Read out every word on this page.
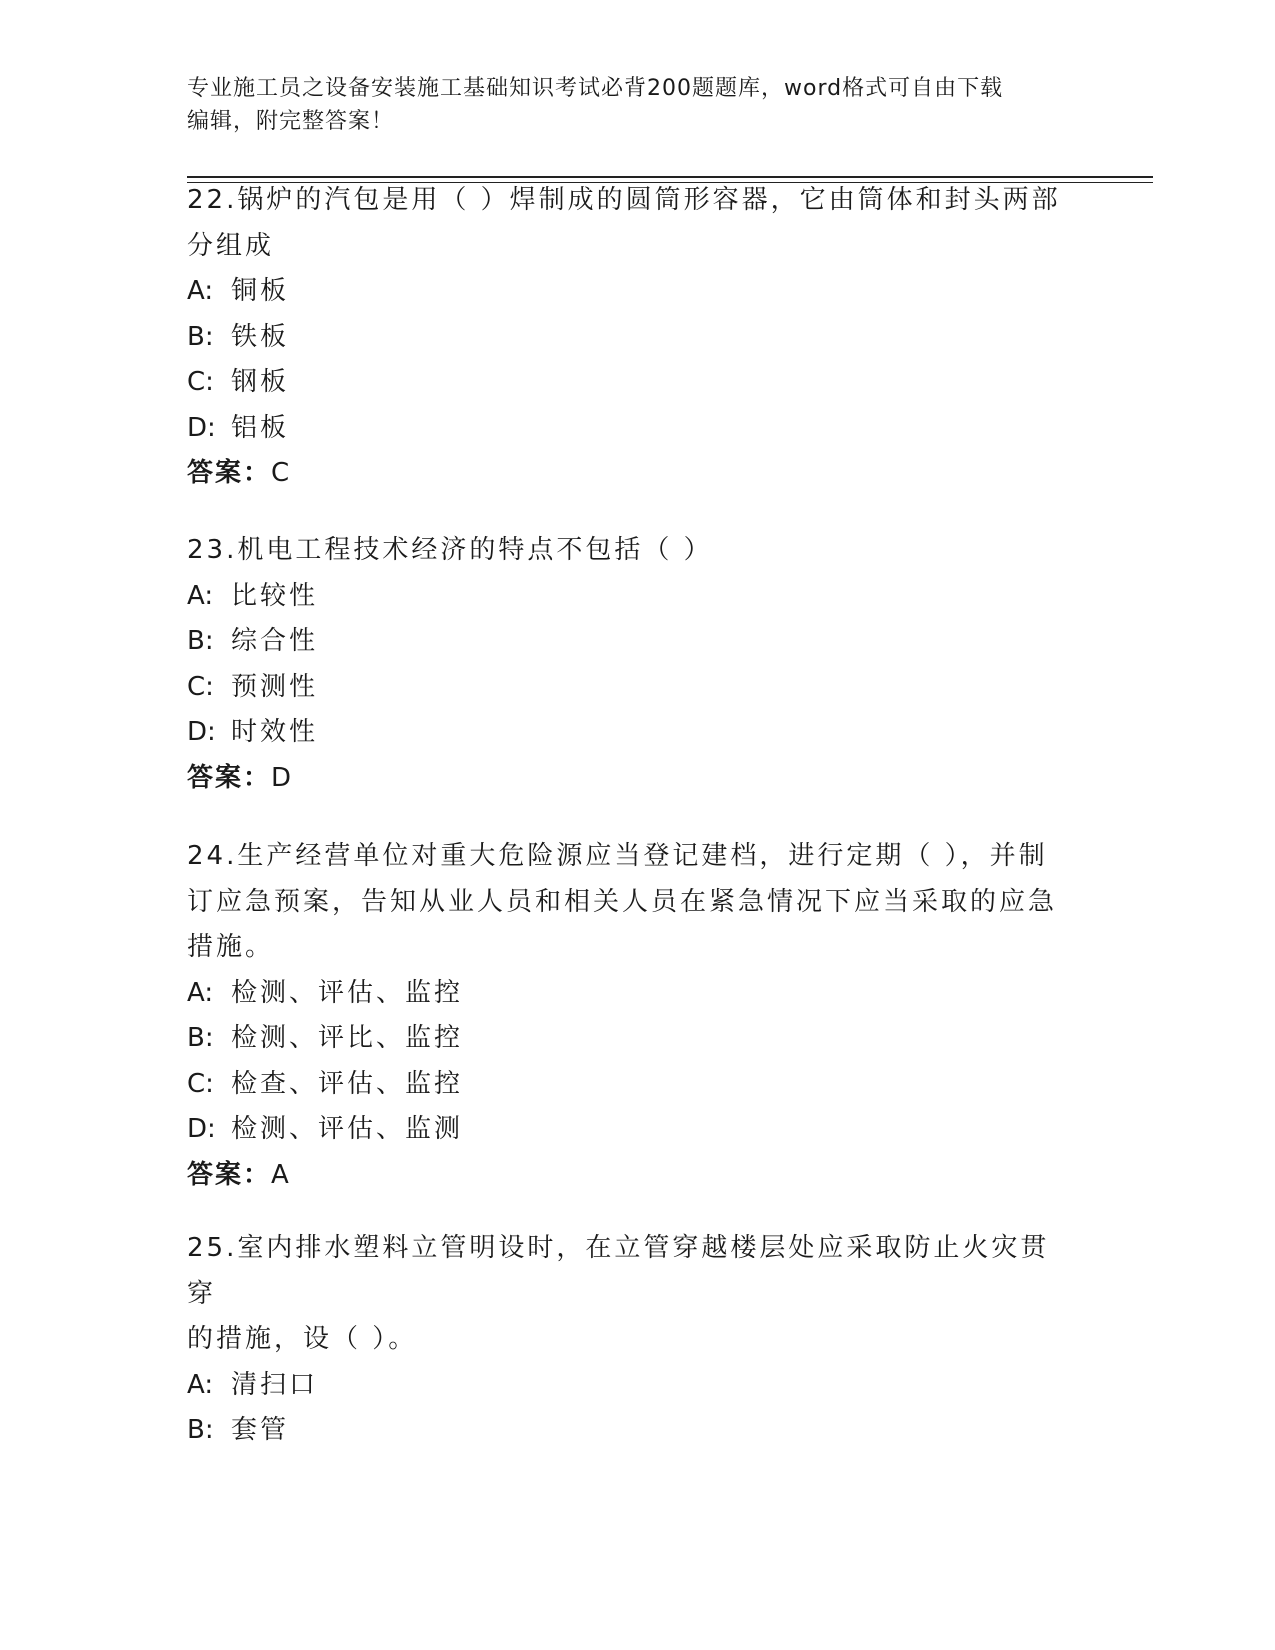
专业施工员之设备安装施工基础知识考试必背200题题库，word格式可自由下载
编辑，附完整答案！
22.锅炉的汽包是用（ ）焊制成的圆筒形容器，它由筒体和封头两部
分组成
A: 铜板
B: 铁板
C: 钢板
D: 铝板
答案：C
23.机电工程技术经济的特点不包括（ ）
A: 比较性
B: 综合性
C: 预测性
D: 时效性
答案：D
24.生产经营单位对重大危险源应当登记建档，进行定期（ ），并制
订应急预案，告知从业人员和相关人员在紧急情况下应当采取的应急
措施。
A: 检测、评估、监控
B: 检测、评比、监控
C: 检查、评估、监控
D: 检测、评估、监测
答案：A
25.室内排水塑料立管明设时，在立管穿越楼层处应采取防止火灾贯穿
的措施，设（ ）。
A: 清扫口
B: 套管
